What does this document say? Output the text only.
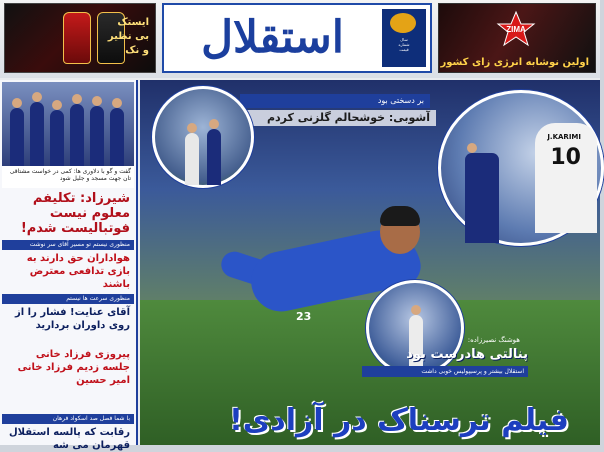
ایستک
بی نظیر و نک	استقلال	سال
شماره
قیمت
ZIMA
اولین نوشابه انرژی زای کشور
گفت و گو با دلاوری ها: کمی در خواست مشتاقی تان جهت مسجد و جلیل شود
شیرزاد: تکلیفم معلوم نیست فوتبالیست شدم!
منظوری نیستم تو مسیر آقای سر نوشت
هواداران حق دارند به بازی تدافعی معترض باشند
منظوری سرعت ها نیستم
آقای عنایت! فشار را از روی داوران بردارید
پیروزی فرزاد خانی جلسه زدیم فرزاد خانی امیر حسین
با شما فصل صد اسکواد فرهان
رقابت که پالسه استقلال قهرمان می شه
بر دسختی بود
آشوبی: خوشحالم گلزنی کردم
J.KARIMI
10
23
هوشنگ نصیرزاده:
پنالتی هادرست بود
استقلال بیشتر و پرسیپولیس خوبی داشت
فیلم ترسناک در آزادی!
